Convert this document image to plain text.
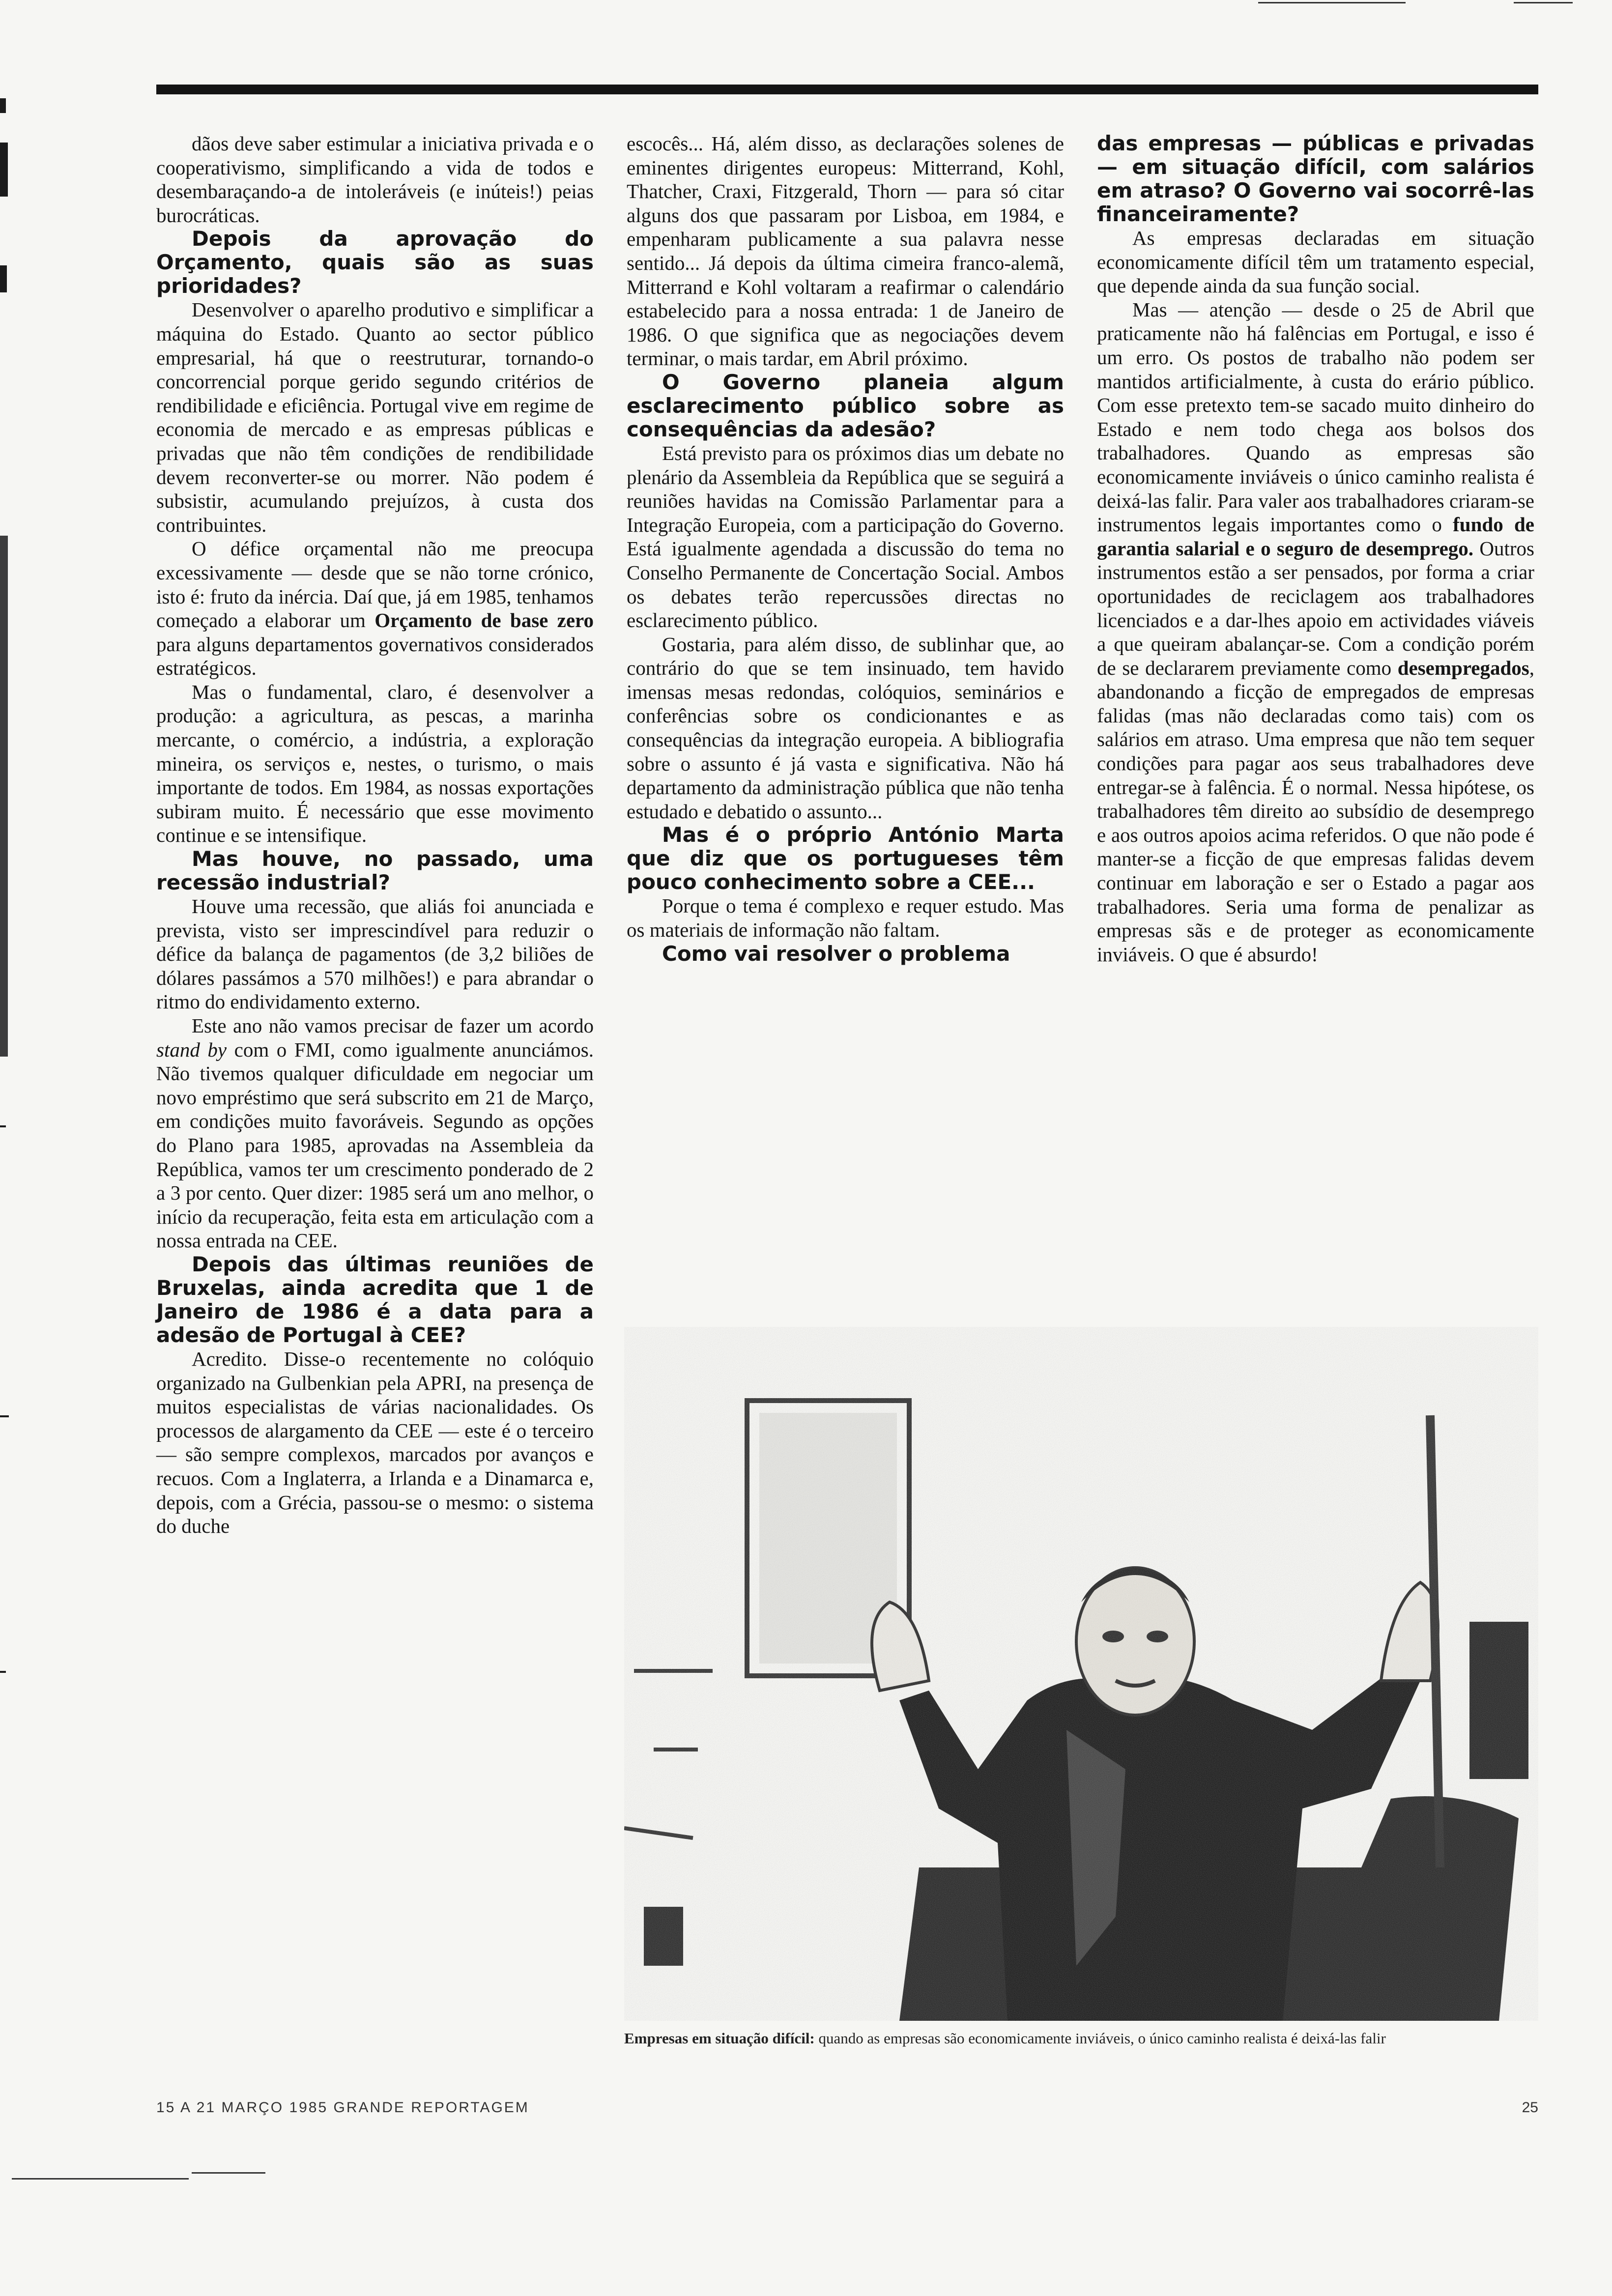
dãos deve saber estimular a iniciativa privada e o cooperativismo, simplificando a vida de todos e desembaraçando-a de intoleráveis (e inúteis!) peias burocráticas.

Depois da aprovação do Orçamento, quais são as suas prioridades?

Desenvolver o aparelho produtivo e simplificar a máquina do Estado. Quanto ao sector público empresarial, há que o reestruturar, tornando-o concorrencial porque gerido segundo critérios de rendibilidade e eficiência. Portugal vive em regime de economia de mercado e as empresas públicas e privadas que não têm condições de rendibilidade devem reconverter-se ou morrer. Não podem é subsistir, acumulando prejuízos, à custa dos contribuintes.

O défice orçamental não me preocupa excessivamente — desde que se não torne crónico, isto é: fruto da inércia. Daí que, já em 1985, tenhamos começado a elaborar um Orçamento de base zero para alguns departamentos governativos considerados estratégicos.

Mas o fundamental, claro, é desenvolver a produção: a agricultura, as pescas, a marinha mercante, o comércio, a indústria, a exploração mineira, os serviços e, nestes, o turismo, o mais importante de todos. Em 1984, as nossas exportações subiram muito. É necessário que esse movimento continue e se intensifique.

Mas houve, no passado, uma recessão industrial?

Houve uma recessão, que aliás foi anunciada e prevista, visto ser imprescindível para reduzir o défice da balança de pagamentos (de 3,2 biliões de dólares passámos a 570 milhões!) e para abrandar o ritmo do endividamento externo.

Este ano não vamos precisar de fazer um acordo stand by com o FMI, como igualmente anunciámos. Não tivemos qualquer dificuldade em negociar um novo empréstimo que será subscrito em 21 de Março, em condições muito favoráveis. Segundo as opções do Plano para 1985, aprovadas na Assembleia da República, vamos ter um crescimento ponderado de 2 a 3 por cento. Quer dizer: 1985 será um ano melhor, o início da recuperação, feita esta em articulação com a nossa entrada na CEE.

Depois das últimas reuniões de Bruxelas, ainda acredita que 1 de Janeiro de 1986 é a data para a adesão de Portugal à CEE?

Acredito. Disse-o recentemente no colóquio organizado na Gulbenkian pela APRI, na presença de muitos especialistas de várias nacionalidades. Os processos de alargamento da CEE — este é o terceiro — são sempre complexos, marcados por avanços e recuos. Com a Inglaterra, a Irlanda e a Dinamarca e, depois, com a Grécia, passou-se o mesmo: o sistema do duche

escocês... Há, além disso, as declarações solenes de eminentes dirigentes europeus: Mitterrand, Kohl, Thatcher, Craxi, Fitzgerald, Thorn — para só citar alguns dos que passaram por Lisboa, em 1984, e empenharam publicamente a sua palavra nesse sentido... Já depois da última cimeira franco-alemã, Mitterrand e Kohl voltaram a reafirmar o calendário estabelecido para a nossa entrada: 1 de Janeiro de 1986. O que significa que as negociações devem terminar, o mais tardar, em Abril próximo.

O Governo planeia algum esclarecimento público sobre as consequências da adesão?

Está previsto para os próximos dias um debate no plenário da Assembleia da República que se seguirá a reuniões havidas na Comissão Parlamentar para a Integração Europeia, com a participação do Governo. Está igualmente agendada a discussão do tema no Conselho Permanente de Concertação Social. Ambos os debates terão repercussões directas no esclarecimento público.

Gostaria, para além disso, de sublinhar que, ao contrário do que se tem insinuado, tem havido imensas mesas redondas, colóquios, seminários e conferências sobre os condicionantes e as consequências da integração europeia. A bibliografia sobre o assunto é já vasta e significativa. Não há departamento da administração pública que não tenha estudado e debatido o assunto...

Mas é o próprio António Marta que diz que os portugueses têm pouco conhecimento sobre a CEE...

Porque o tema é complexo e requer estudo. Mas os materiais de informação não faltam.

Como vai resolver o problema
das empresas — públicas e privadas — em situação difícil, com salários em atraso? O Governo vai socorrê-las financeiramente?

As empresas declaradas em situação economicamente difícil têm um tratamento especial, que depende ainda da sua função social.

Mas — atenção — desde o 25 de Abril que praticamente não há falências em Portugal, e isso é um erro. Os postos de trabalho não podem ser mantidos artificialmente, à custa do erário público. Com esse pretexto tem-se sacado muito dinheiro do Estado e nem todo chega aos bolsos dos trabalhadores. Quando as empresas são economicamente inviáveis o único caminho realista é deixá-las falir. Para valer aos trabalhadores criaram-se instrumentos legais importantes como o fundo de garantia salarial e o seguro de desemprego. Outros instrumentos estão a ser pensados, por forma a criar oportunidades de reciclagem aos trabalhadores licenciados e a dar-lhes apoio em actividades viáveis a que queiram abalançar-se. Com a condição porém de se declararem previamente como desempregados, abandonando a ficção de empregados de empresas falidas (mas não declaradas como tais) com os salários em atraso. Uma empresa que não tem sequer condições para pagar aos seus trabalhadores deve entregar-se à falência. É o normal. Nessa hipótese, os trabalhadores têm direito ao subsídio de desemprego e aos outros apoios acima referidos. O que não pode é manter-se a ficção de que empresas falidas devem continuar em laboração e ser o Estado a pagar aos trabalhadores. Seria uma forma de penalizar as empresas sãs e de proteger as economicamente inviáveis. O que é absurdo!

Empresas em situação difícil: quando as empresas são economicamente inviáveis, o único caminho realista é deixá-las falir
15 A 21 MARÇO 1985 GRANDE REPORTAGEM	25
